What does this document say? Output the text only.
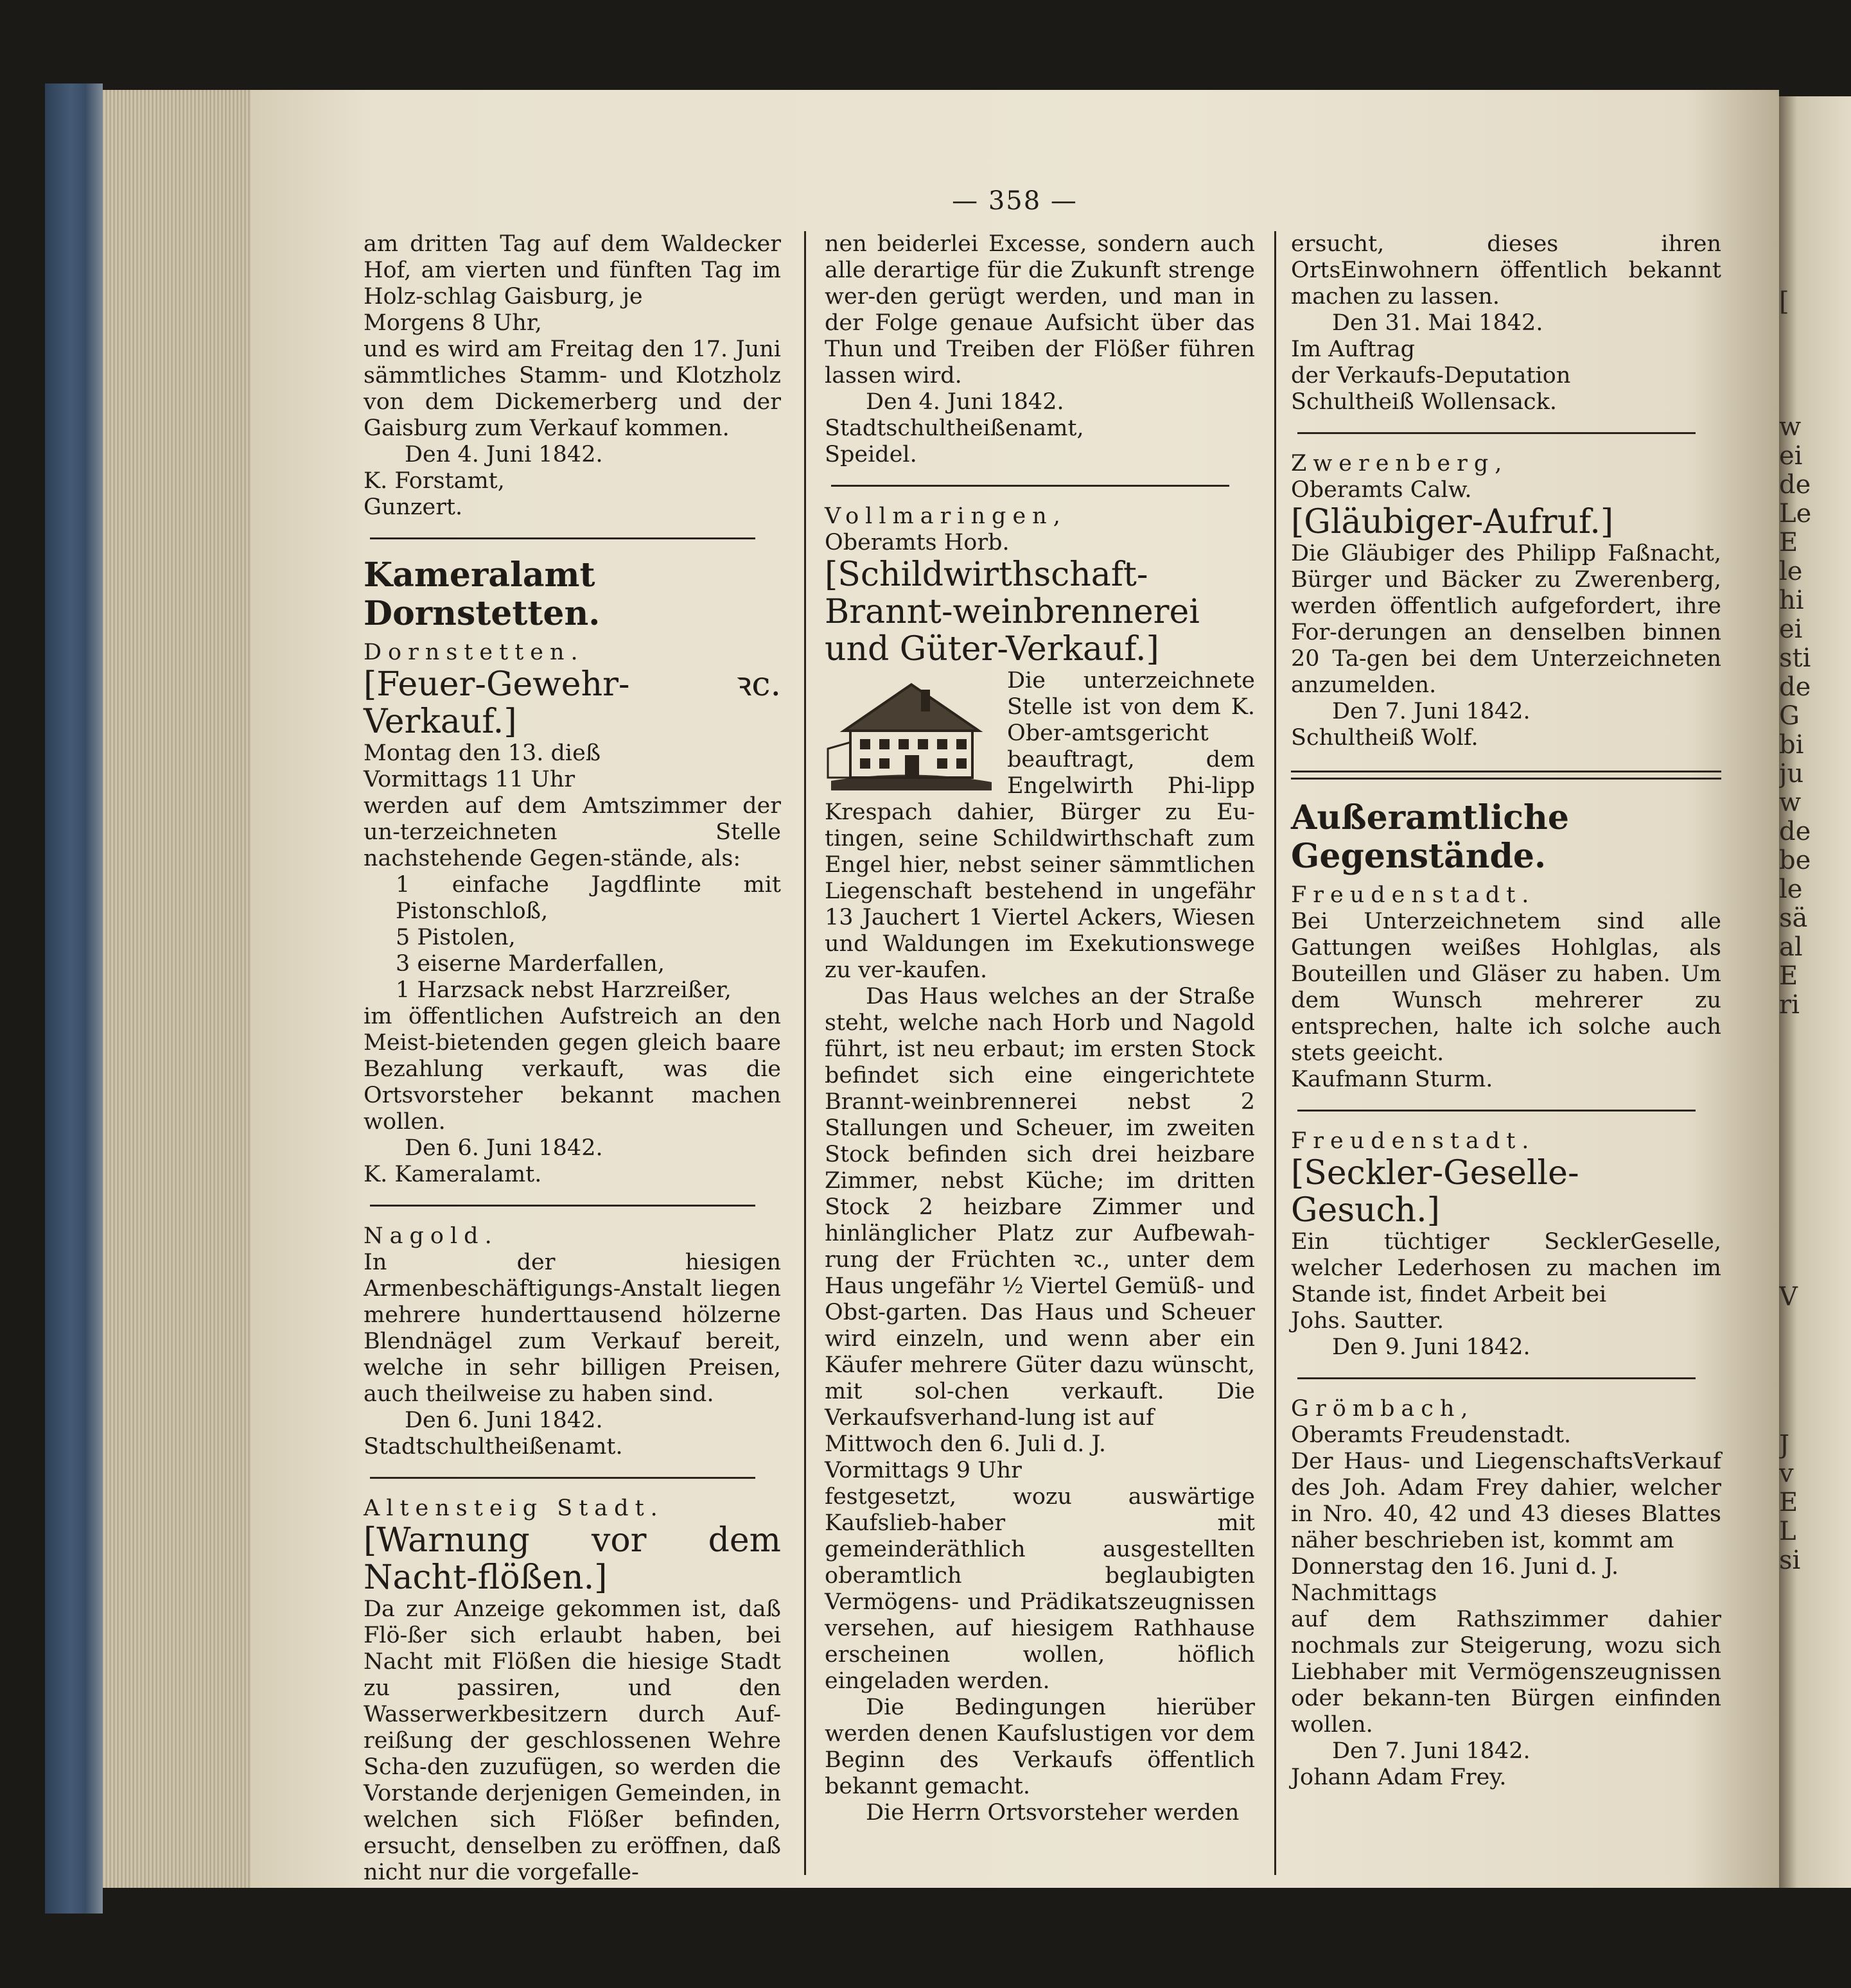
[
w
ei
de
Le
E
le
hi
ei
sti
de
G
bi
ju
w
de
be
le
sä
al
E
ri
V
J
v
E
L
si
— 358 —

am dritten Tag auf dem Waldecker Hof, am vierten und fünften Tag im Holz-schlag Gaisburg, je

Morgens 8 Uhr,

und es wird am Freitag den 17. Juni sämmtliches Stamm- und Klotzholz von dem Dickemerberg und der Gaisburg zum Verkauf kommen.

Den 4. Juni 1842.

K. Forstamt,

Gunzert.

Kameralamt Dornstetten.

Dornstetten.

[Feuer-Gewehr- ꝛc. Verkauf.]

Montag den 13. dieß

Vormittags 11 Uhr

werden auf dem Amtszimmer der un-terzeichneten Stelle nachstehende Gegen-stände, als:

1 einfache Jagdflinte mit Pistonschloß,

5 Pistolen,

3 eiserne Marderfallen,

1 Harzsack nebst Harzreißer,

im öffentlichen Aufstreich an den Meist-bietenden gegen gleich baare Bezahlung verkauft, was die Ortsvorsteher bekannt machen wollen.

Den 6. Juni 1842.

K. Kameralamt.

Nagold.

In der hiesigen Armenbeschäftigungs-Anstalt liegen mehrere hunderttausend hölzerne Blendnägel zum Verkauf bereit, welche in sehr billigen Preisen, auch theilweise zu haben sind.

Den 6. Juni 1842.

Stadtschultheißenamt.

Altensteig Stadt.

[Warnung vor dem Nacht-flößen.]

Da zur Anzeige gekommen ist, daß Flö-ßer sich erlaubt haben, bei Nacht mit Flößen die hiesige Stadt zu passiren, und den Wasserwerkbesitzern durch Auf-reißung der geschlossenen Wehre Scha-den zuzufügen, so werden die Vorstande derjenigen Gemeinden, in welchen sich Flößer befinden, ersucht, denselben zu eröffnen, daß nicht nur die vorgefalle-

nen beiderlei Excesse, sondern auch alle derartige für die Zukunft strenge wer-den gerügt werden, und man in der Folge genaue Aufsicht über das Thun und Treiben der Flößer führen lassen wird.

Den 4. Juni 1842.

Stadtschultheißenamt,

Speidel.

Vollmaringen,

Oberamts Horb.

[Schildwirthschaft- Brannt-weinbrennerei und Güter-Verkauf.]

Die unterzeichnete Stelle ist von dem K. Ober-amtsgericht beauftragt, dem Engelwirth Phi-lipp Krespach dahier, Bürger zu Eu-tingen, seine Schildwirthschaft zum Engel hier, nebst seiner sämmtlichen Liegenschaft bestehend in ungefähr 13 Jauchert 1 Viertel Ackers, Wiesen und Waldungen im Exekutionswege zu ver-kaufen.

Das Haus welches an der Straße steht, welche nach Horb und Nagold führt, ist neu erbaut; im ersten Stock befindet sich eine eingerichtete Brannt-weinbrennerei nebst 2 Stallungen und Scheuer, im zweiten Stock befinden sich drei heizbare Zimmer, nebst Küche; im dritten Stock 2 heizbare Zimmer und hinlänglicher Platz zur Aufbewah-rung der Früchten ꝛc., unter dem Haus ungefähr ½ Viertel Gemüß- und Obst-garten. Das Haus und Scheuer wird einzeln, und wenn aber ein Käufer mehrere Güter dazu wünscht, mit sol-chen verkauft. Die Verkaufsverhand-lung ist auf

Mittwoch den 6. Juli d. J.

Vormittags 9 Uhr

festgesetzt, wozu auswärtige Kaufslieb-haber mit gemeinderäthlich ausgestellten oberamtlich beglaubigten Vermögens- und Prädikatszeugnissen versehen, auf hiesigem Rathhause erscheinen wollen, höflich eingeladen werden.

Die Bedingungen hierüber werden denen Kaufslustigen vor dem Beginn des Verkaufs öffentlich bekannt gemacht.

Die Herrn Ortsvorsteher werden

ersucht, dieses ihren OrtsEinwohnern öffentlich bekannt machen zu lassen.

Den 31. Mai 1842.

Im Auftrag

der Verkaufs-Deputation

Schultheiß Wollensack.

Zwerenberg,

Oberamts Calw.

[Gläubiger-Aufruf.]

Die Gläubiger des Philipp Faßnacht, Bürger und Bäcker zu Zwerenberg, werden öffentlich aufgefordert, ihre For-derungen an denselben binnen 20 Ta-gen bei dem Unterzeichneten anzumelden.

Den 7. Juni 1842.

Schultheiß Wolf.

Außeramtliche Gegenstände.

Freudenstadt.

Bei Unterzeichnetem sind alle Gattungen weißes Hohlglas, als Bouteillen und Gläser zu haben. Um dem Wunsch mehrerer zu entsprechen, halte ich solche auch stets geeicht.

Kaufmann Sturm.

Freudenstadt.

[Seckler-Geselle-Gesuch.]

Ein tüchtiger SecklerGeselle, welcher Lederhosen zu machen im Stande ist, findet Arbeit bei

Johs. Sautter.

Den 9. Juni 1842.

Grömbach,

Oberamts Freudenstadt.

Der Haus- und LiegenschaftsVerkauf des Joh. Adam Frey dahier, welcher in Nro. 40, 42 und 43 dieses Blattes näher beschrieben ist, kommt am

Donnerstag den 16. Juni d. J.

Nachmittags

auf dem Rathszimmer dahier nochmals zur Steigerung, wozu sich Liebhaber mit Vermögenszeugnissen oder bekann-ten Bürgen einfinden wollen.

Den 7. Juni 1842.

Johann Adam Frey.
